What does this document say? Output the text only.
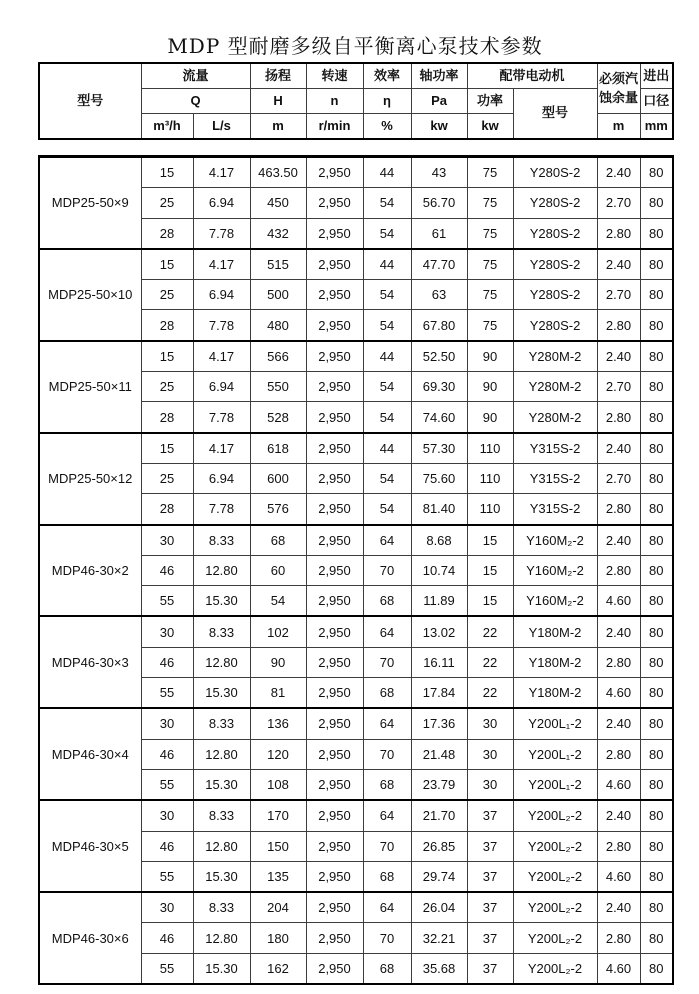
MDP 型耐磨多级自平衡离心泵技术参数
型号	流量		扬程	转速	效率	轴功率	配带电动机		必须汽蚀余量	进出
	Q		H	n	η	Pa	功率	型号		口径
	m³/h	L/s	m	r/min	%	kw	kw		m	mm
MDP25-50×9	15	4.17	463.50	2,950	44	43	75	Y280S-2	2.40	80
	25	6.94	450	2,950	54	56.70	75	Y280S-2	2.70	80
	28	7.78	432	2,950	54	61	75	Y280S-2	2.80	80
MDP25-50×10	15	4.17	515	2,950	44	47.70	75	Y280S-2	2.40	80
	25	6.94	500	2,950	54	63	75	Y280S-2	2.70	80
	28	7.78	480	2,950	54	67.80	75	Y280S-2	2.80	80
MDP25-50×11	15	4.17	566	2,950	44	52.50	90	Y280M-2	2.40	80
	25	6.94	550	2,950	54	69.30	90	Y280M-2	2.70	80
	28	7.78	528	2,950	54	74.60	90	Y280M-2	2.80	80
MDP25-50×12	15	4.17	618	2,950	44	57.30	110	Y315S-2	2.40	80
	25	6.94	600	2,950	54	75.60	110	Y315S-2	2.70	80
	28	7.78	576	2,950	54	81.40	110	Y315S-2	2.80	80
MDP46-30×2	30	8.33	68	2,950	64	8.68	15	Y160M₂-2	2.40	80
	46	12.80	60	2,950	70	10.74	15	Y160M₂-2	2.80	80
	55	15.30	54	2,950	68	11.89	15	Y160M₂-2	4.60	80
MDP46-30×3	30	8.33	102	2,950	64	13.02	22	Y180M-2	2.40	80
	46	12.80	90	2,950	70	16.11	22	Y180M-2	2.80	80
	55	15.30	81	2,950	68	17.84	22	Y180M-2	4.60	80
MDP46-30×4	30	8.33	136	2,950	64	17.36	30	Y200L₁-2	2.40	80
	46	12.80	120	2,950	70	21.48	30	Y200L₁-2	2.80	80
	55	15.30	108	2,950	68	23.79	30	Y200L₁-2	4.60	80
MDP46-30×5	30	8.33	170	2,950	64	21.70	37	Y200L₂-2	2.40	80
	46	12.80	150	2,950	70	26.85	37	Y200L₂-2	2.80	80
	55	15.30	135	2,950	68	29.74	37	Y200L₂-2	4.60	80
MDP46-30×6	30	8.33	204	2,950	64	26.04	37	Y200L₂-2	2.40	80
	46	12.80	180	2,950	70	32.21	37	Y200L₂-2	2.80	80
	55	15.30	162	2,950	68	35.68	37	Y200L₂-2	4.60	80
